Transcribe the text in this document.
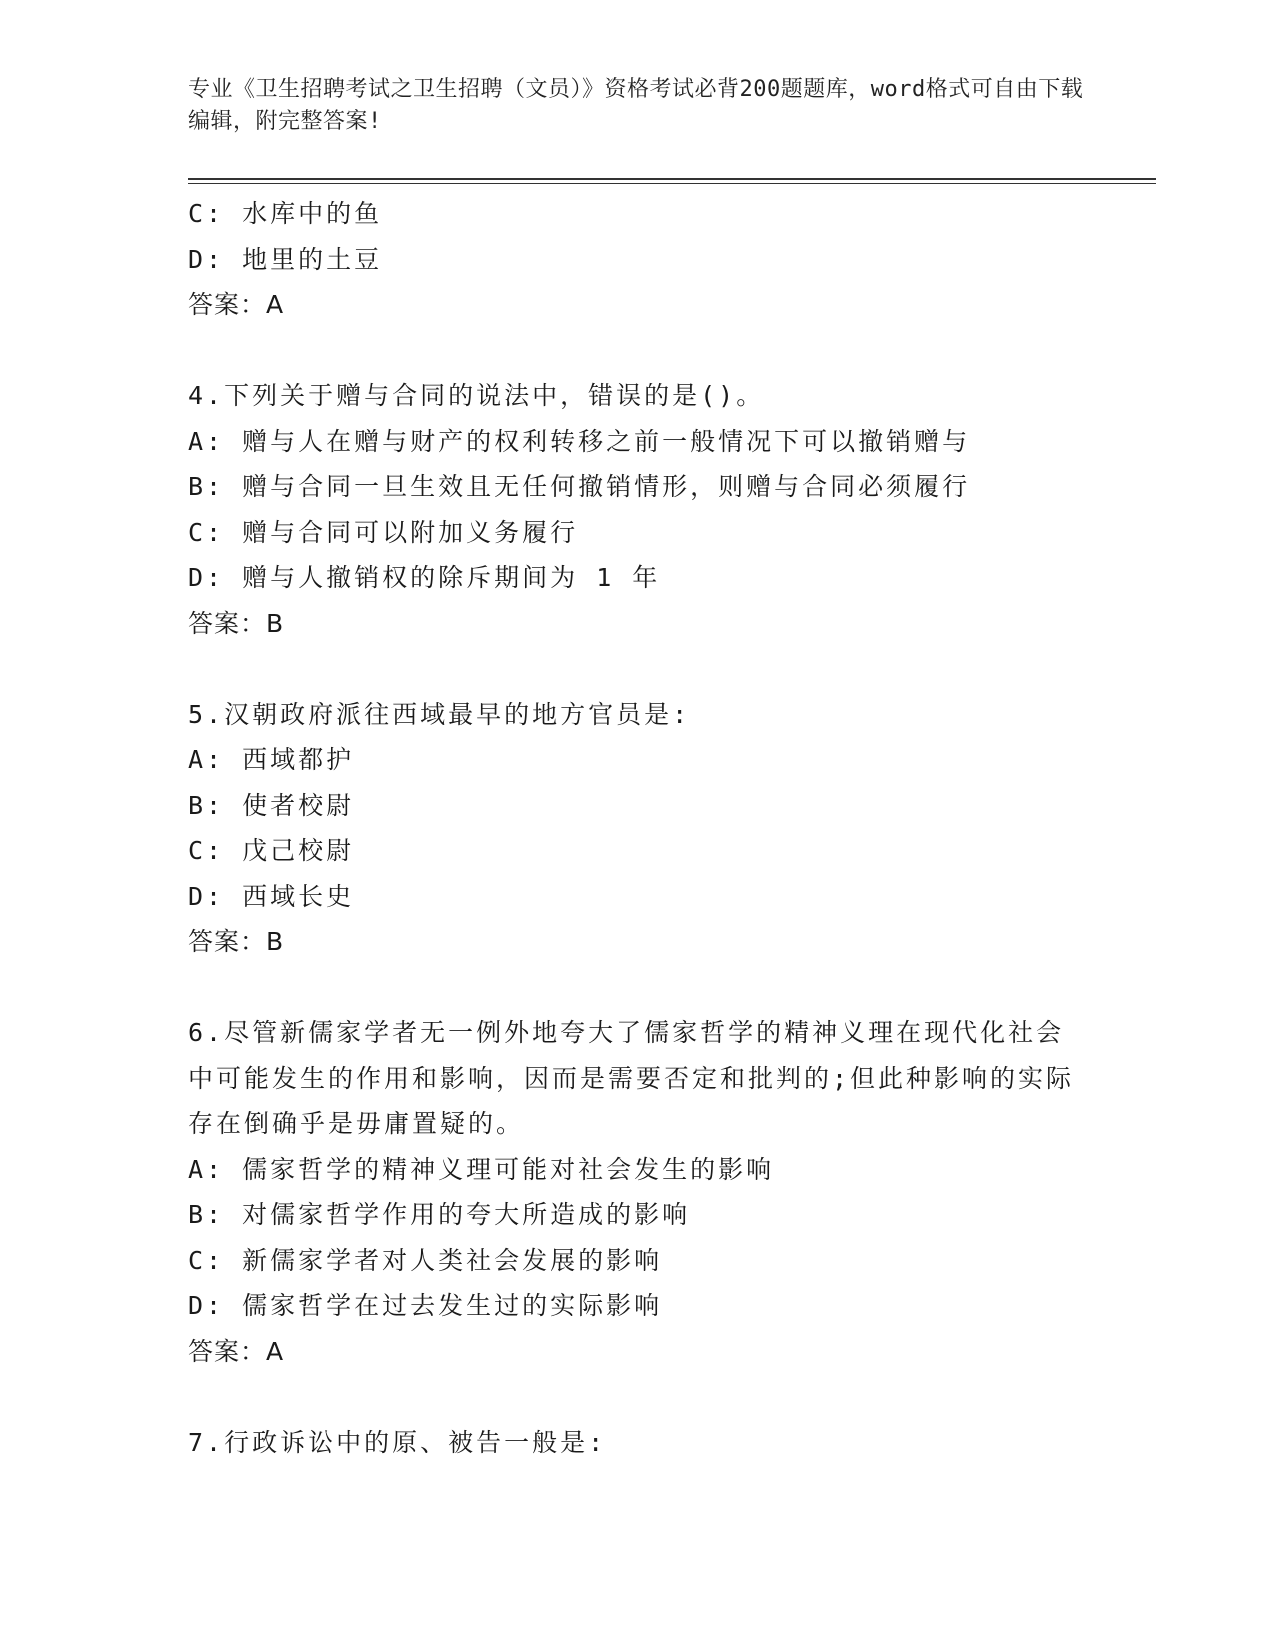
专业《卫生招聘考试之卫生招聘（文员）》资格考试必背200题题库，word格式可自由下载编辑，附完整答案!
C: 水库中的鱼
D: 地里的土豆
答案：A
4.下列关于赠与合同的说法中，错误的是()。
A: 赠与人在赠与财产的权利转移之前一般情况下可以撤销赠与
B: 赠与合同一旦生效且无任何撤销情形，则赠与合同必须履行
C: 赠与合同可以附加义务履行
D: 赠与人撤销权的除斥期间为 1 年
答案：B
5.汉朝政府派往西域最早的地方官员是:
A: 西域都护
B: 使者校尉
C: 戊己校尉
D: 西域长史
答案：B
6.尽管新儒家学者无一例外地夸大了儒家哲学的精神义理在现代化社会中可能发生的作用和影响，因而是需要否定和批判的;但此种影响的实际存在倒确乎是毋庸置疑的。
A: 儒家哲学的精神义理可能对社会发生的影响
B: 对儒家哲学作用的夸大所造成的影响
C: 新儒家学者对人类社会发展的影响
D: 儒家哲学在过去发生过的实际影响
答案：A
7.行政诉讼中的原、被告一般是:
